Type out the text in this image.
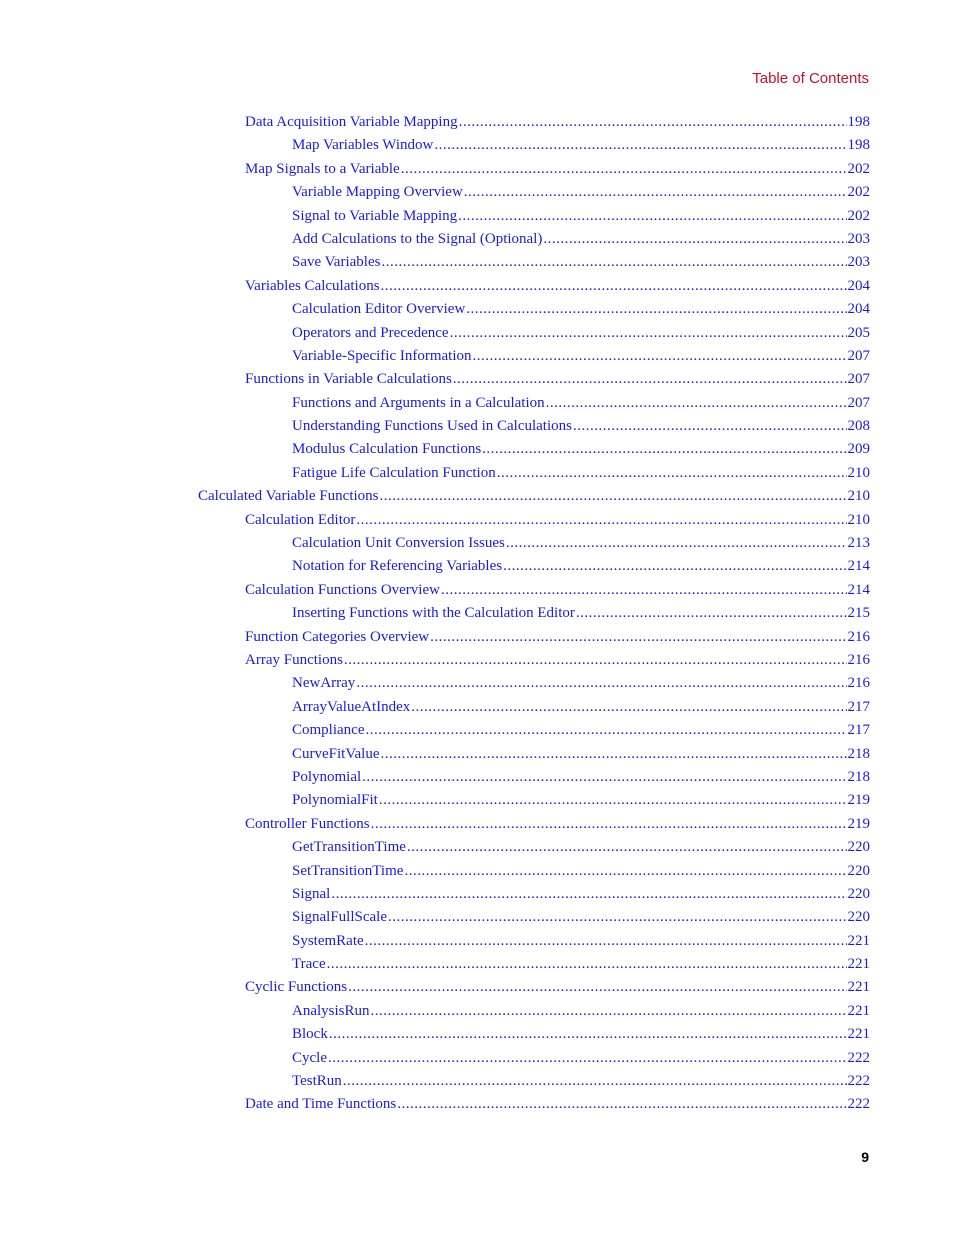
Table of Contents
Data Acquisition Variable Mapping .....	198
Map Variables Window .....	198
Map Signals to a Variable .....	202
Variable Mapping Overview .....	202
Signal to Variable Mapping .....	202
Add Calculations to the Signal (Optional) .....	203
Save Variables .....	203
Variables Calculations .....	204
Calculation Editor Overview .....	204
Operators and Precedence .....	205
Variable-Specific Information .....	207
Functions in Variable Calculations .....	207
Functions and Arguments in a Calculation .....	207
Understanding Functions Used in Calculations .....	208
Modulus Calculation Functions .....	209
Fatigue Life Calculation Function .....	210
Calculated Variable Functions .....	210
Calculation Editor .....	210
Calculation Unit Conversion Issues .....	213
Notation for Referencing Variables .....	214
Calculation Functions Overview .....	214
Inserting Functions with the Calculation Editor .....	215
Function Categories Overview .....	216
Array Functions .....	216
NewArray .....	216
ArrayValueAtIndex .....	217
Compliance .....	217
CurveFitValue .....	218
Polynomial .....	218
PolynomialFit .....	219
Controller Functions .....	219
GetTransitionTime .....	220
SetTransitionTime .....	220
Signal .....	220
SignalFullScale .....	220
SystemRate .....	221
Trace .....	221
Cyclic Functions .....	221
AnalysisRun .....	221
Block .....	221
Cycle .....	222
TestRun .....	222
Date and Time Functions .....	222
9
